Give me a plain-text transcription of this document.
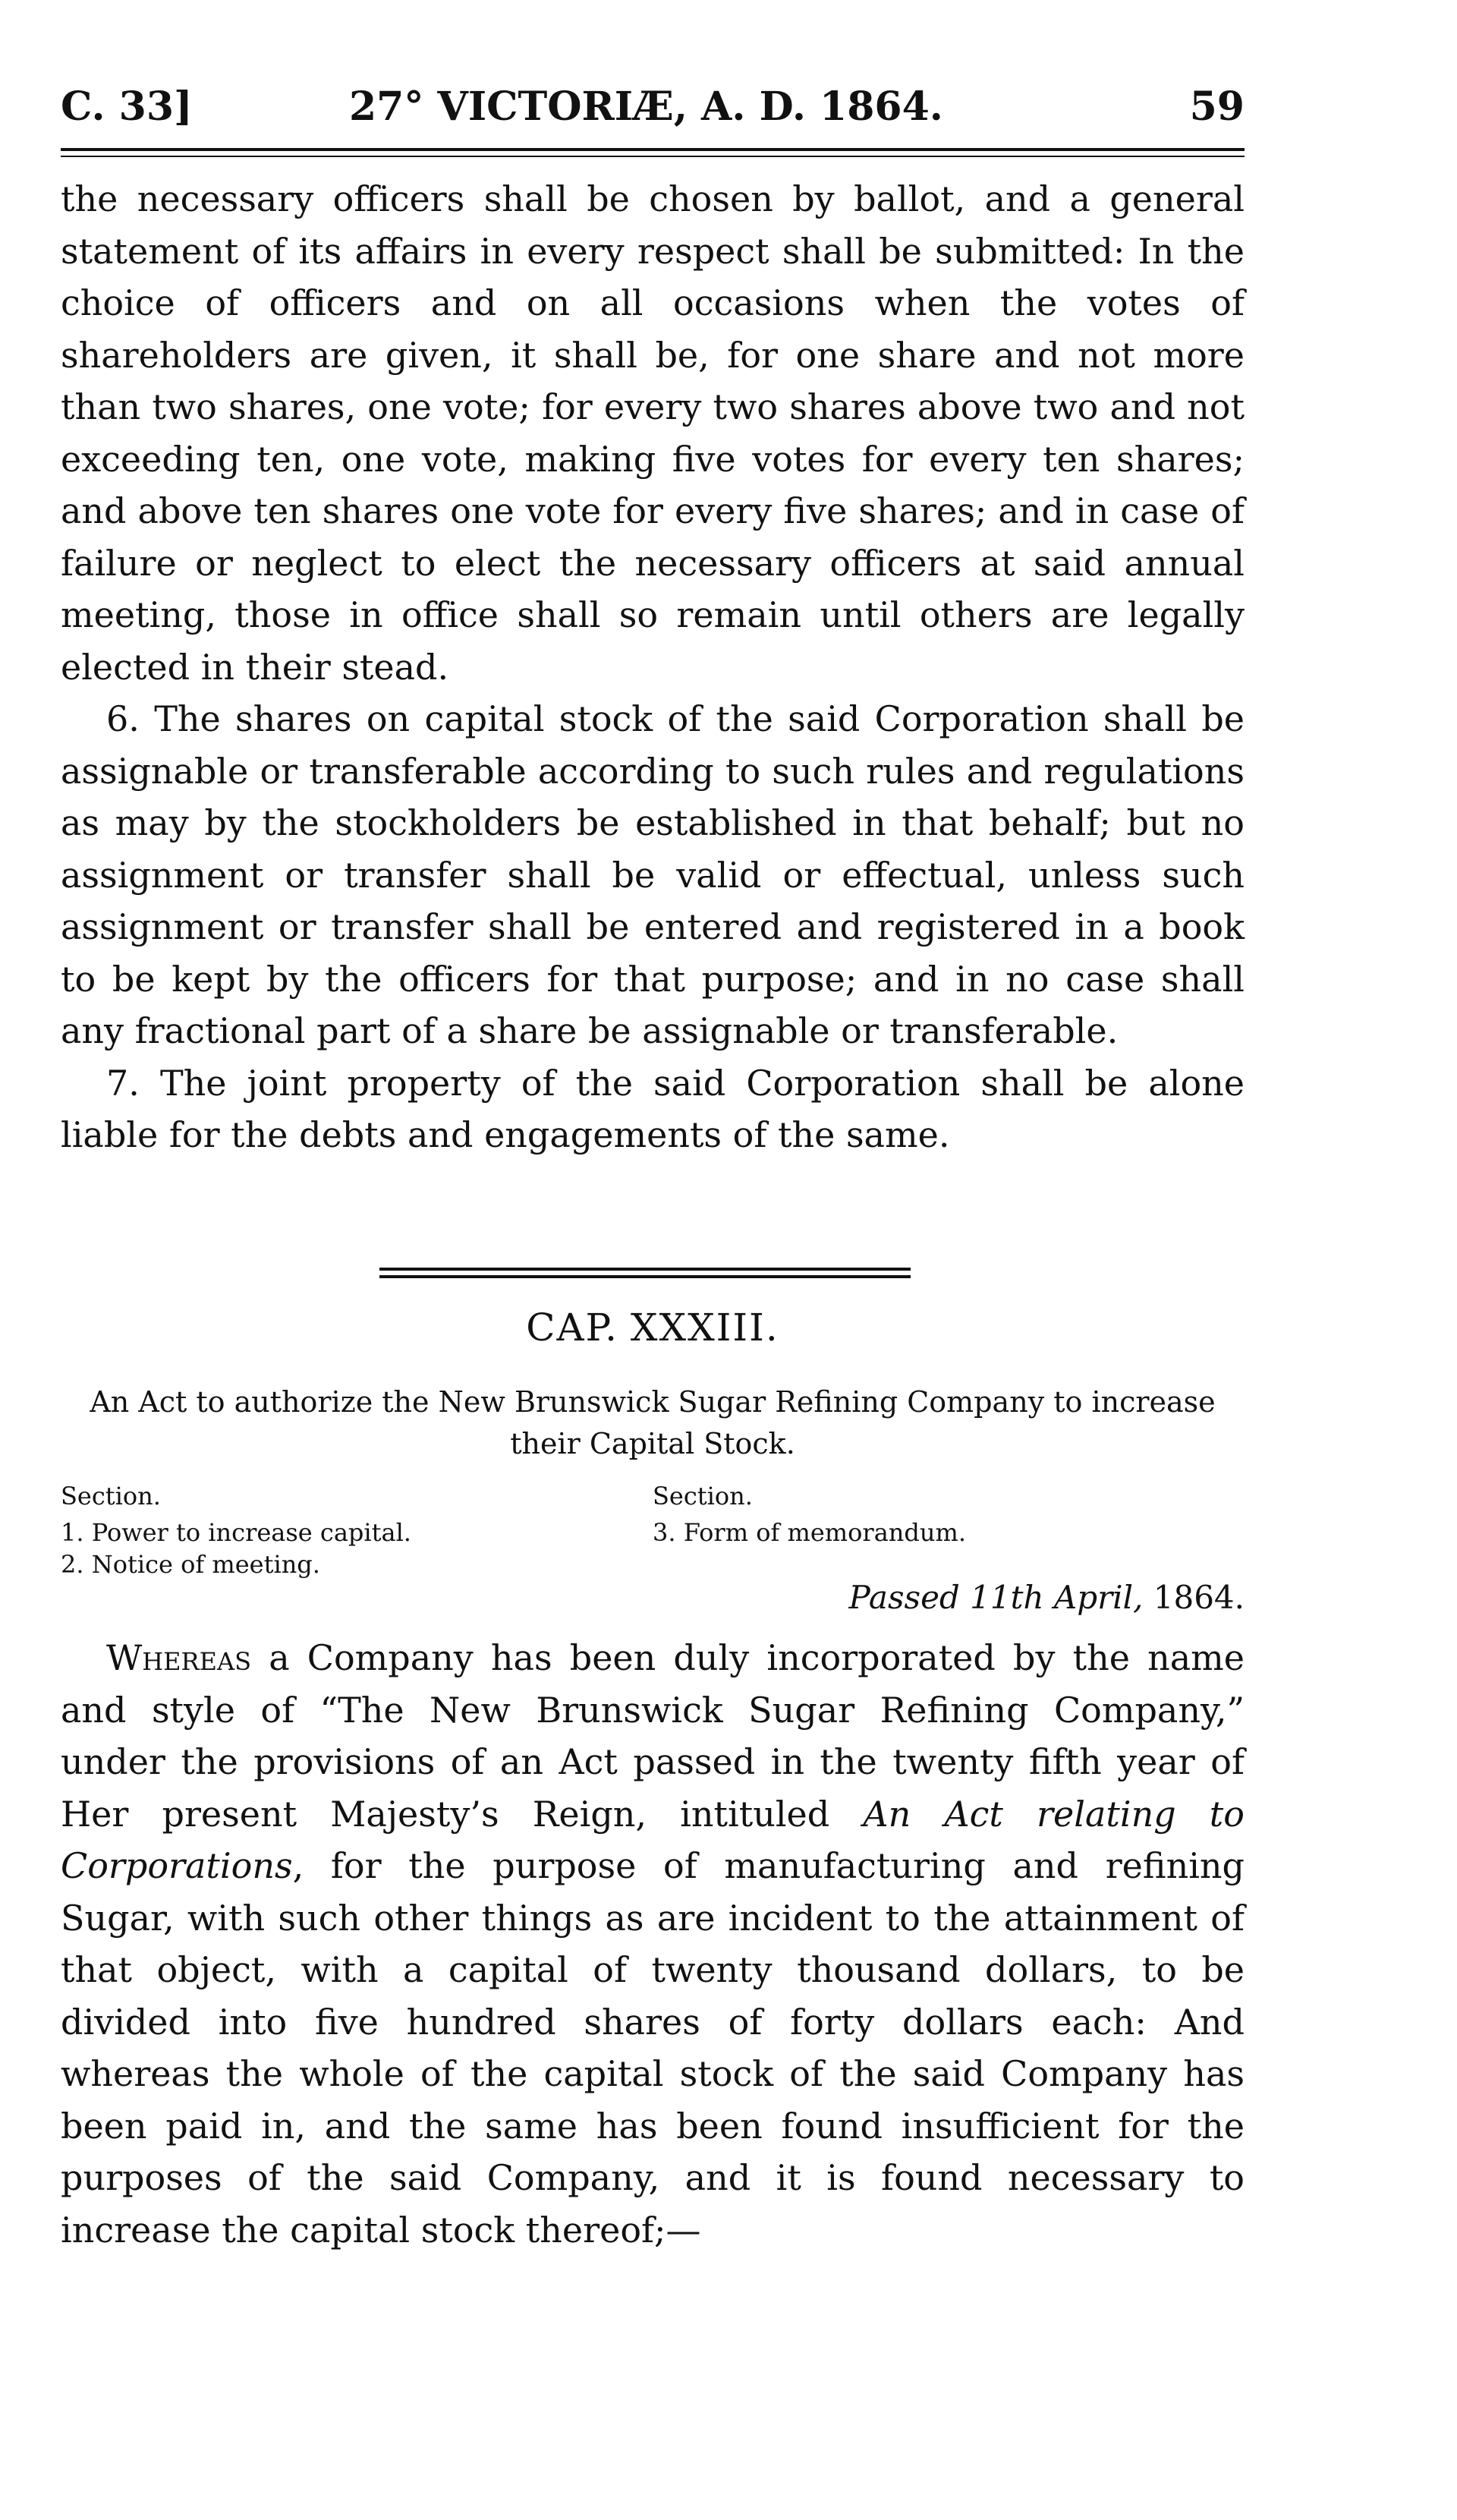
C. 33]	27° VICTORIÆ, A. D. 1864.	59

the necessary officers shall be chosen by ballot, and a general statement of its affairs in every respect shall be submitted: In the choice of officers and on all occasions when the votes of shareholders are given, it shall be, for one share and not more than two shares, one vote; for every two shares above two and not exceeding ten, one vote, making five votes for every ten shares; and above ten shares one vote for every five shares; and in case of failure or neglect to elect the necessary officers at said annual meeting, those in office shall so remain until others are legally elected in their stead.

6. The shares on capital stock of the said Corporation shall be assignable or transferable according to such rules and regulations as may by the stockholders be established in that behalf; but no assignment or transfer shall be valid or effectual, unless such assignment or transfer shall be entered and registered in a book to be kept by the officers for that purpose; and in no case shall any fractional part of a share be assignable or transferable.

7. The joint property of the said Corporation shall be alone liable for the debts and engagements of the same.

CAP. XXXIII.
An Act to authorize the New Brunswick Sugar Refining Company to increase their Capital Stock.
Section.
1. Power to increase capital.
2. Notice of meeting.
Section.
3. Form of memorandum.
Passed 11th April, 1864.

Whereas a Company has been duly incorporated by the name and style of “The New Brunswick Sugar Refining Company,” under the provisions of an Act passed in the twenty fifth year of Her present Majesty’s Reign, intituled An Act relating to Corporations, for the purpose of manufacturing and refining Sugar, with such other things as are incident to the attainment of that object, with a capital of twenty thousand dollars, to be divided into five hundred shares of forty dollars each: And whereas the whole of the capital stock of the said Company has been paid in, and the same has been found insufficient for the purposes of the said Company, and it is found necessary to increase the capital stock thereof;—
